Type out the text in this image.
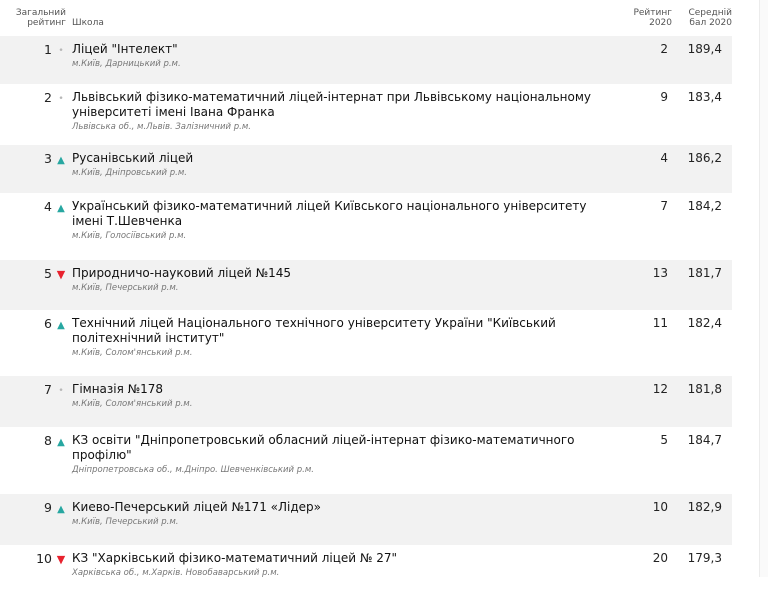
Загальний
рейтинг	Школа	Рейтинг
2020	Середній
бал 2020
1 •	Ліцей "Інтелект"
м.Київ, Дарницький р.м.	2	189,4
2 •	Львівський фізико-математичний ліцей-інтернат при Львівському національному університеті імені Івана Франка
Львівська об., м.Львів. Залізничний р.м.	9	183,4
3 ▲	Русанівський ліцей
м.Київ, Дніпровський р.м.	4	186,2
4 ▲	Український фізико-математичний ліцей Київського національного університету імені Т.Шевченка
м.Київ, Голосіївський р.м.	7	184,2
5 ▼	Природничо-науковий ліцей №145
м.Київ, Печерський р.м.	13	181,7
6 ▲	Технічний ліцей Національного технічного університету України "Київський політехнічний інститут"
м.Київ, Солом'янський р.м.	11	182,4
7 •	Гімназія №178
м.Київ, Солом'янський р.м.	12	181,8
8 ▲	КЗ освіти "Дніпропетровський обласний ліцей-інтернат фізико-математичного профілю"
Дніпропетровська об., м.Дніпро. Шевченківський р.м.	5	184,7
9 ▲	Киево-Печерський ліцей №171 «Лідер»
м.Київ, Печерський р.м.	10	182,9
10 ▼	КЗ "Харківський фізико-математичний ліцей № 27"
Харківська об., м.Харків. Новобаварський р.м.	20	179,3
